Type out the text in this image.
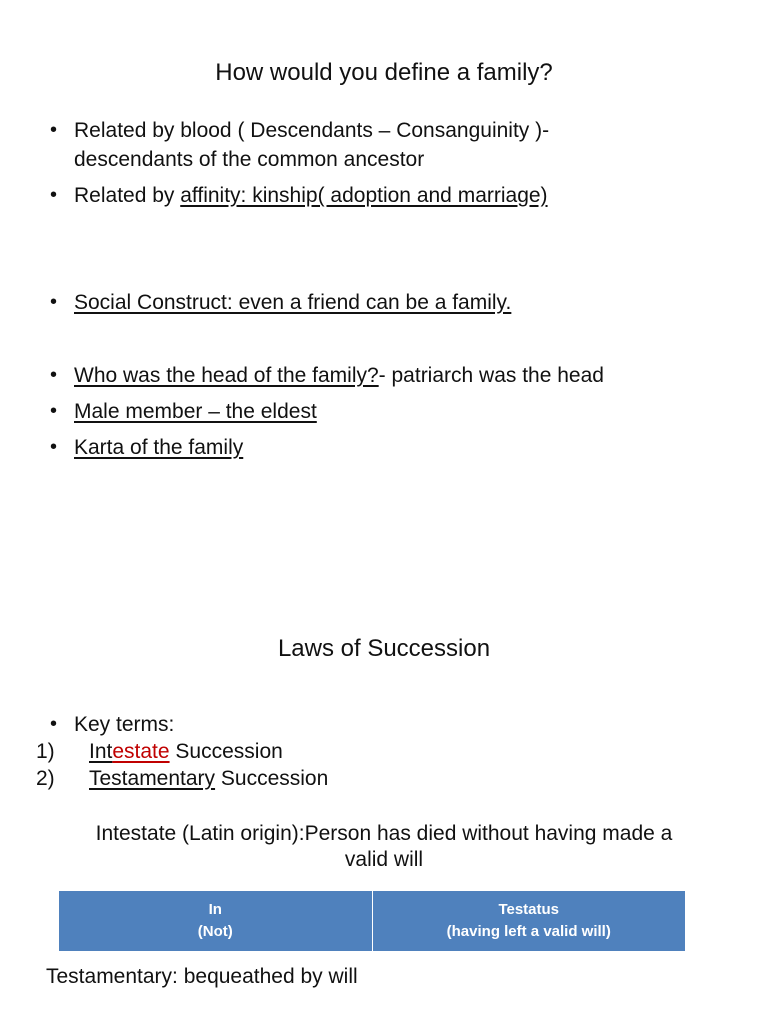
How would you define a family?
• Related by blood ( Descendants – Consanguinity )-
descendants of the common ancestor
• Related by affinity: kinship( adoption and marriage)
• Social Construct: even a friend can be a family.
• Who was the head of the family?- patriarch was the head
• Male member – the eldest
• Karta of the family
Laws of Succession
• Key terms:
1) Intestate Succession
2) Testamentary Succession
Intestate (Latin origin):Person has died without having made a
valid will
In
(Not)

Testatus
(having left a valid will)
Testamentary: bequeathed by will
